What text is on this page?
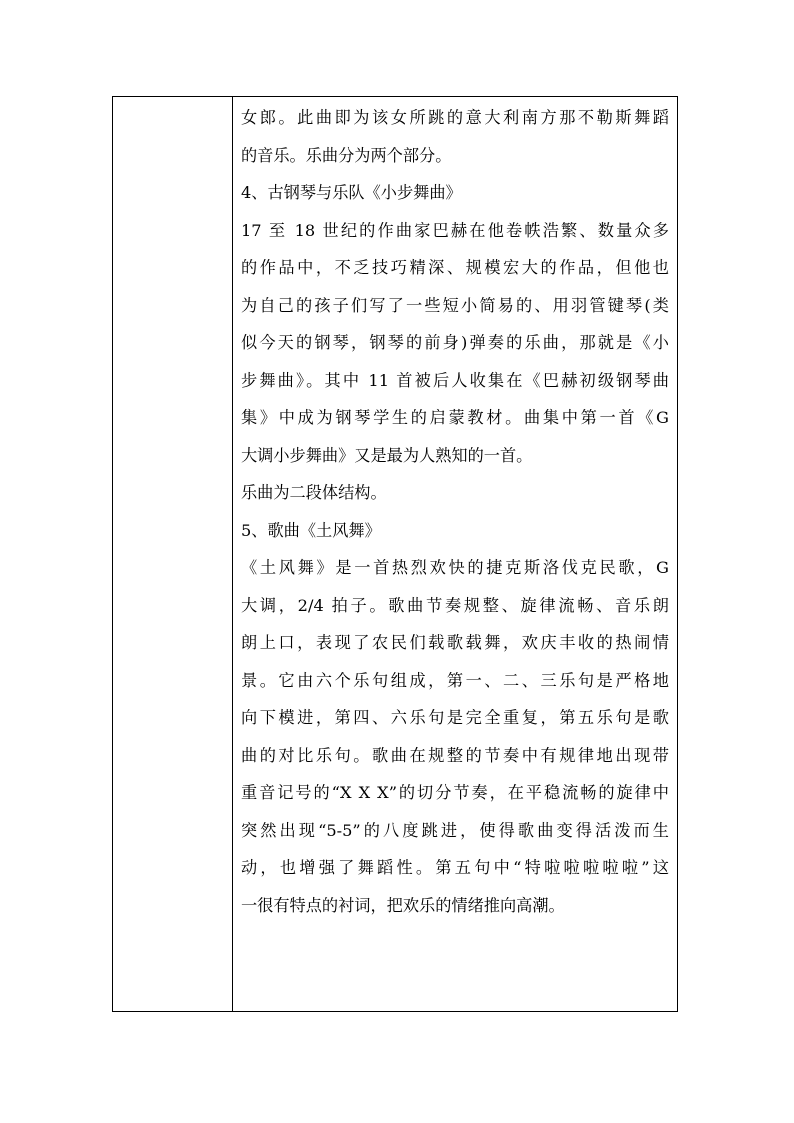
女郎。此曲即为该女所跳的意大利南方那不勒斯舞蹈
的音乐。乐曲分为两个部分。
4、古钢琴与乐队《小步舞曲》
17 至 18 世纪的作曲家巴赫在他卷帙浩繁、数量众多
的作品中，不乏技巧精深、规模宏大的作品，但他也
为自己的孩子们写了一些短小简易的、用羽管键琴(类
似今天的钢琴，钢琴的前身)弹奏的乐曲，那就是《小
步舞曲》。其中 11 首被后人收集在《巴赫初级钢琴曲
集》中成为钢琴学生的启蒙教材。曲集中第一首《G
大调小步舞曲》又是最为人熟知的一首。
乐曲为二段体结构。
5、歌曲《土风舞》
《土风舞》是一首热烈欢快的捷克斯洛伐克民歌，G
大调，2/4 拍子。歌曲节奏规整、旋律流畅、音乐朗
朗上口，表现了农民们载歌载舞，欢庆丰收的热闹情
景。它由六个乐句组成，第一、二、三乐句是严格地
向下模进，第四、六乐句是完全重复，第五乐句是歌
曲的对比乐句。歌曲在规整的节奏中有规律地出现带
重音记号的“X X X”的切分节奏，在平稳流畅的旋律中
突然出现“5-5”的八度跳进，使得歌曲变得活泼而生
动，也增强了舞蹈性。第五句中“特啦啦啦啦啦”这
一很有特点的衬词，把欢乐的情绪推向高潮。
